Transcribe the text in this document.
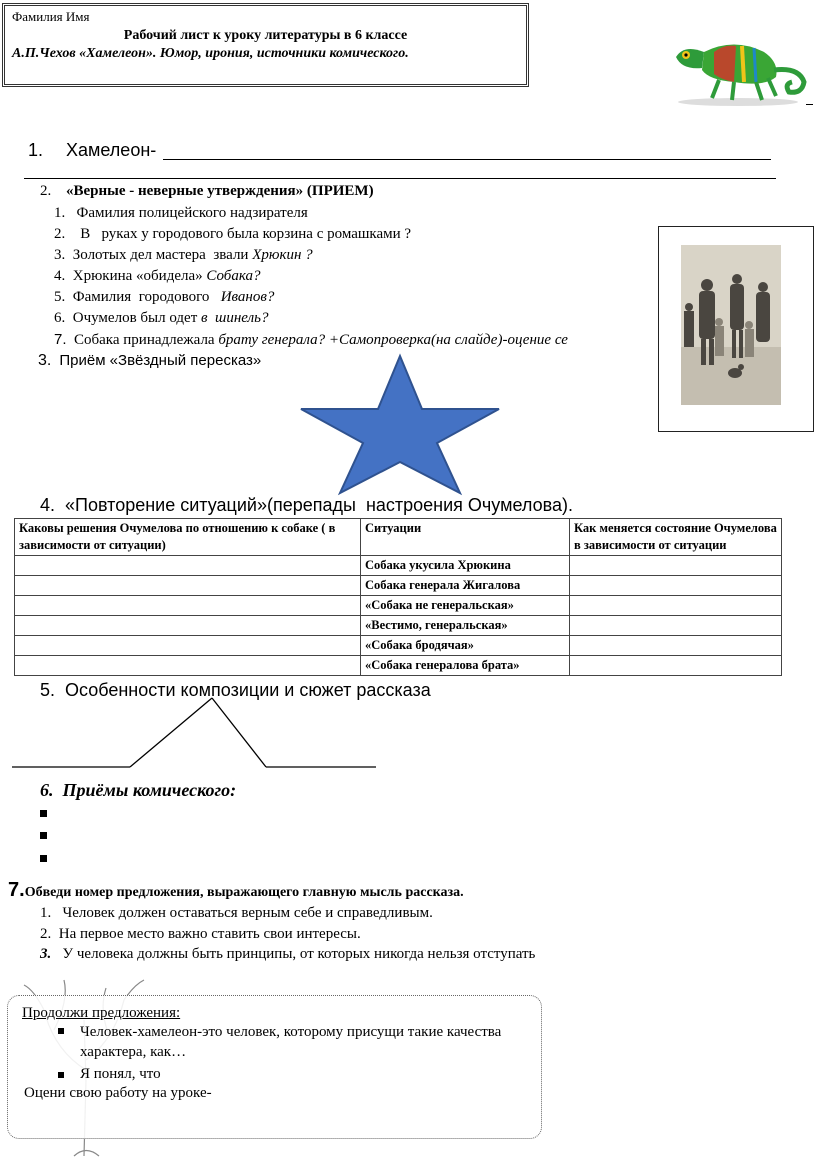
Фамилия Имя
Рабочий лист к уроку литературы в 6 классе
А.П.Чехов «Хамелеон». Юмор, ирония, источники комического.
1. Хамелеон-
2. «Верные - неверные утверждения» (ПРИЕМ)
1. Фамилия полицейского надзирателя
2.    В   руках у городового была корзина с ромашками ?
3. Золотых дел мастера  звали Хрюкин ?
4. Хрюкина «обидела» Собака?
5. Фамилия  городового   Иванов?
6. Очумелов был одет в  шинель?
7. Собака принадлежала брату генерала? +Самопроверка(на слайде)-оцение се
3. Приём «Звёздный пересказ»
4. «Повторение ситуаций»(перепады  настроения Очумелова).
Каковы решения Очумелова по отношению к собаке ( в зависимости от ситуации)	Ситуации	Как меняется состояние Очумелова в зависимости от ситуации
	Собака укусила Хрюкина	
	Собака генерала Жигалова	
	«Собака не генеральская»	
	«Вестимо, генеральская»	
	«Собака бродячая»	
	«Собака генералова брата»	
5. Особенности композиции и сюжет рассказа
6. Приёмы комического:
7.Обведи номер предложения, выражающего главную мысль рассказа.
1. Человек должен оставаться верным себе и справедливым.
2. На первое место важно ставить свои интересы.
3. У человека должны быть принципы, от которых никогда нельзя отступать
Продолжи предложения:
Человек-хамелеон-это человек, которому присущи такие качества характера, как…
Я понял, что
Оцени свою работу на уроке-
